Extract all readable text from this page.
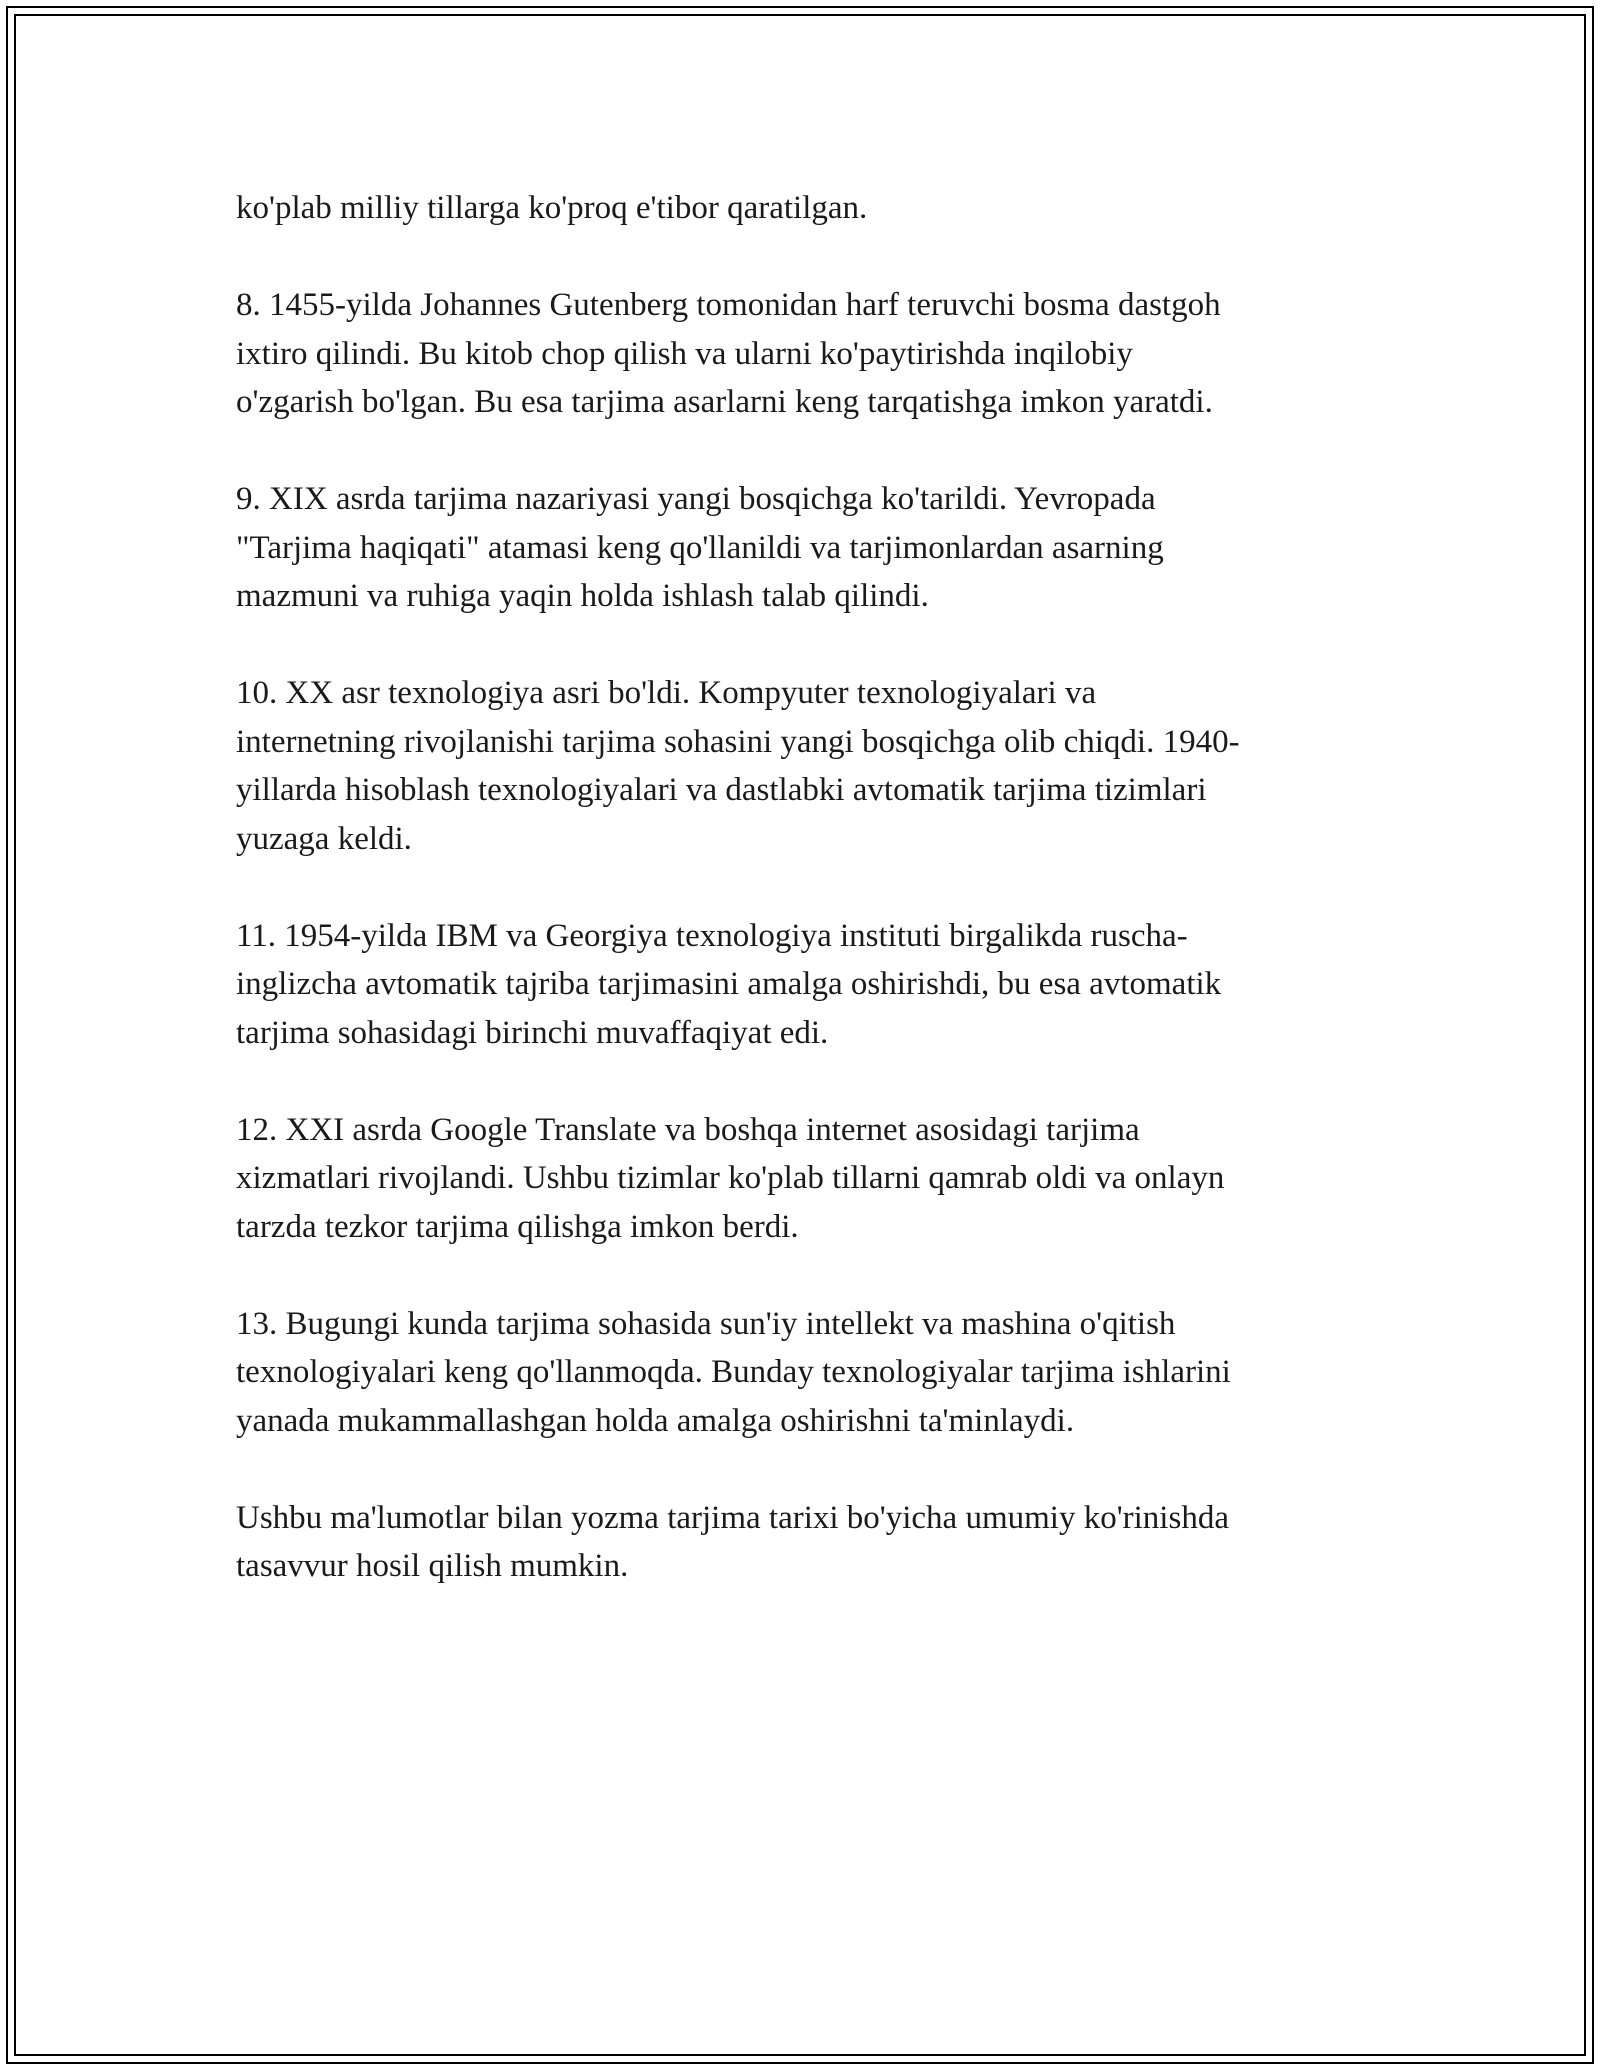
ko'plab milliy tillarga ko'proq e'tibor qaratilgan.

8. 1455-yilda Johannes Gutenberg tomonidan harf teruvchi bosma dastgoh
ixtiro qilindi. Bu kitob chop qilish va ularni ko'paytirishda inqilobiy
o'zgarish bo'lgan. Bu esa tarjima asarlarni keng tarqatishga imkon yaratdi.

9. XIX asrda tarjima nazariyasi yangi bosqichga ko'tarildi. Yevropada
"Tarjima haqiqati" atamasi keng qo'llanildi va tarjimonlardan asarning
mazmuni va ruhiga yaqin holda ishlash talab qilindi.

10. XX asr texnologiya asri bo'ldi. Kompyuter texnologiyalari va
internetning rivojlanishi tarjima sohasini yangi bosqichga olib chiqdi. 1940-
yillarda hisoblash texnologiyalari va dastlabki avtomatik tarjima tizimlari
yuzaga keldi.

11. 1954-yilda IBM va Georgiya texnologiya instituti birgalikda ruscha-
inglizcha avtomatik tajriba tarjimasini amalga oshirishdi, bu esa avtomatik
tarjima sohasidagi birinchi muvaffaqiyat edi.

12. XXI asrda Google Translate va boshqa internet asosidagi tarjima
xizmatlari rivojlandi. Ushbu tizimlar ko'plab tillarni qamrab oldi va onlayn
tarzda tezkor tarjima qilishga imkon berdi.

13. Bugungi kunda tarjima sohasida sun'iy intellekt va mashina o'qitish
texnologiyalari keng qo'llanmoqda. Bunday texnologiyalar tarjima ishlarini
yanada mukammallashgan holda amalga oshirishni ta'minlaydi.

Ushbu ma'lumotlar bilan yozma tarjima tarixi bo'yicha umumiy ko'rinishda
tasavvur hosil qilish mumkin.
